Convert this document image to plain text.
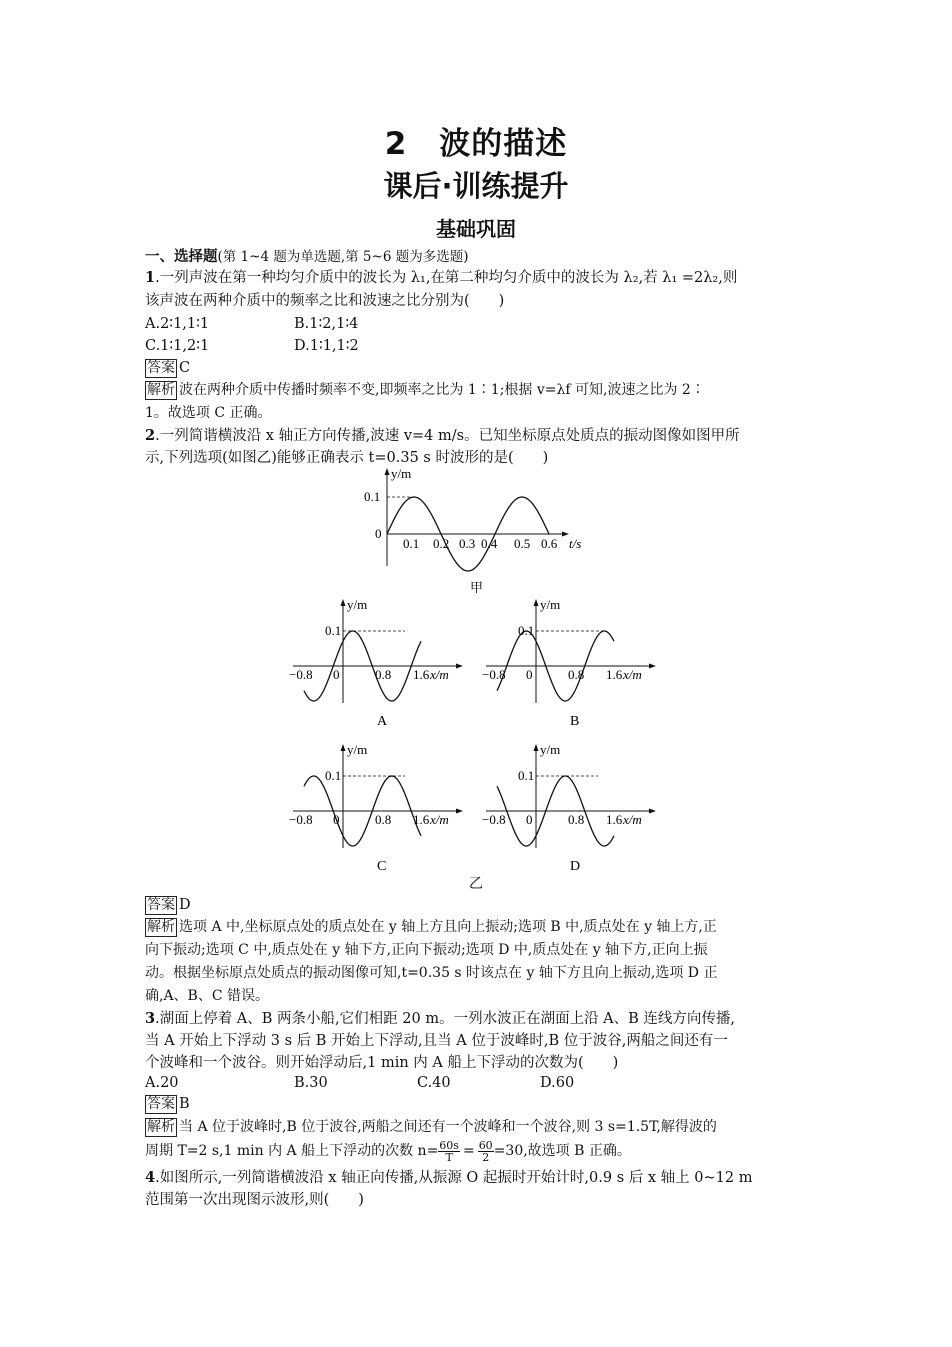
2　波的描述
课后·训练提升
基础巩固
一、选择题(第 1~4 题为单选题,第 5~6 题为多选题)
1.一列声波在第一种均匀介质中的波长为 λ₁,在第二种均匀介质中的波长为 λ₂,若 λ₁ =2λ₂,则
该声波在两种介质中的频率之比和波速之比分别为(　　)
A.2∶1,1∶1	B.1∶2,1∶4
C.1∶1,2∶1	D.1∶1,1∶2
答案 C
解析 波在两种介质中传播时频率不变,即频率之比为 1∶1;根据 v=λf 可知,波速之比为 2∶
1。故选项 C 正确。
2.一列简谐横波沿 x 轴正方向传播,波速 v=4 m/s。已知坐标原点处质点的振动图像如图甲所
示,下列选项(如图乙)能够正确表示 t=0.35 s 时波形的是(　　)
y/m
0.1
0
0.1 0.2 0.3 0.4 0.5 0.6 t/s
甲
y/m
x/m
0.1
−0.8 0	0.8 1.6
A
y/m
x/m
0.1
−0.8 0	0.8 1.6
B
y/m
x/m
0.1
−0.8 0	0.8 1.6
C
y/m
x/m
0.1
−0.8 0	0.8 1.6
D
乙
答案 D
解析 选项 A 中,坐标原点处的质点处在 y 轴上方且向上振动;选项 B 中,质点处在 y 轴上方,正
向下振动;选项 C 中,质点处在 y 轴下方,正向下振动;选项 D 中,质点处在 y 轴下方,正向上振
动。根据坐标原点处质点的振动图像可知,t=0.35 s 时该点在 y 轴下方且向上振动,选项 D 正
确,A、B、C 错误。
3.湖面上停着 A、B 两条小船,它们相距 20 m。一列水波正在湖面上沿 A、B 连线方向传播,
当 A 开始上下浮动 3 s 后 B 开始上下浮动,且当 A 位于波峰时,B 位于波谷,两船之间还有一
个波峰和一个波谷。则开始浮动后,1 min 内 A 船上下浮动的次数为(　　)
A.20	B.30	C.40	D.60
答案 B
解析 当 A 位于波峰时,B 位于波谷,两船之间还有一个波峰和一个波谷,则 3 s=1.5T,解得波的
周期 T=2 s,1 min 内 A 船上下浮动的次数 $n= \frac{60s}{T} = \frac{60}{2} =30$,故选项 B 正确。
4.如图所示,一列简谐横波沿 x 轴正向传播,从振源 O 起振时开始计时,0.9 s 后 x 轴上 0~12 m
范围第一次出现图示波形,则(　　)
